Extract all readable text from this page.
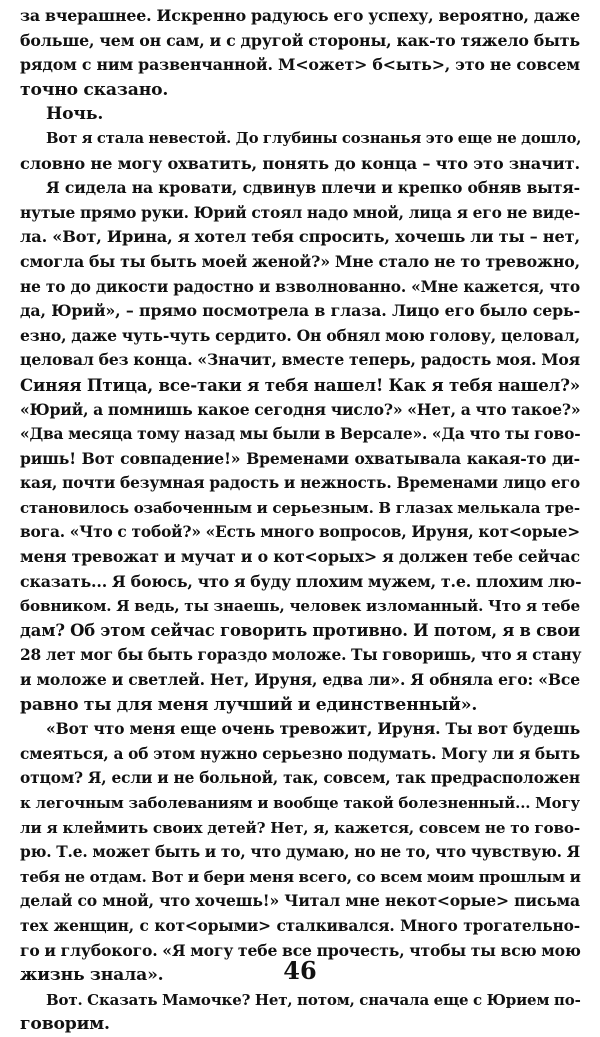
за вчерашнее. Искренно радуюсь его успеху, вероятно, даже
больше, чем он сам, и с другой стороны, как-то тяжело быть
рядом с ним развенчанной. М<ожет> б<ыть>, это не совсем
точно сказано.
Ночь.
Вот я стала невестой. До глубины сознанья это еще не дошло,
словно не могу охватить, понять до конца – что это значит.
Я сидела на кровати, сдвинув плечи и крепко обняв вытя-
нутые прямо руки. Юрий стоял надо мной, лица я его не виде-
ла. «Вот, Ирина, я хотел тебя спросить, хочешь ли ты – нет,
смогла бы ты быть моей женой?» Мне стало не то тревожно,
не то до дикости радостно и взволнованно. «Мне кажется, что
да, Юрий», – прямо посмотрела в глаза. Лицо его было серь-
езно, даже чуть-чуть сердито. Он обнял мою голову, целовал,
целовал без конца. «Значит, вместе теперь, радость моя. Моя
Синяя Птица, все-таки я тебя нашел! Как я тебя нашел?»
«Юрий, а помнишь какое сегодня число?» «Нет, а что такое?»
«Два месяца тому назад мы были в Версале». «Да что ты гово-
ришь! Вот совпадение!» Временами охватывала какая-то ди-
кая, почти безумная радость и нежность. Временами лицо его
становилось озабоченным и серьезным. В глазах мелькала тре-
вога. «Что с тобой?» «Есть много вопросов, Ируня, кот<орые>
меня тревожат и мучат и о кот<орых> я должен тебе сейчас
сказать... Я боюсь, что я буду плохим мужем, т.е. плохим лю-
бовником. Я ведь, ты знаешь, человек изломанный. Что я тебе
дам? Об этом сейчас говорить противно. И потом, я в свои
28 лет мог бы быть гораздо моложе. Ты говоришь, что я стану
и моложе и светлей. Нет, Ируня, едва ли». Я обняла его: «Все
равно ты для меня лучший и единственный».
«Вот что меня еще очень тревожит, Ируня. Ты вот будешь
смеяться, а об этом нужно серьезно подумать. Могу ли я быть
отцом? Я, если и не больной, так, совсем, так предрасположен
к легочным заболеваниям и вообще такой болезненный... Могу
ли я клеймить своих детей? Нет, я, кажется, совсем не то гово-
рю. Т.е. может быть и то, что думаю, но не то, что чувствую. Я
тебя не отдам. Вот и бери меня всего, со всем моим прошлым и
делай со мной, что хочешь!» Читал мне некот<орые> письма
тех женщин, с кот<орыми> сталкивался. Много трогательно-
го и глубокого. «Я могу тебе все прочесть, чтобы ты всю мою
жизнь знала».
Вот. Сказать Мамочке? Нет, потом, сначала еще с Юрием по-
говорим.
46
